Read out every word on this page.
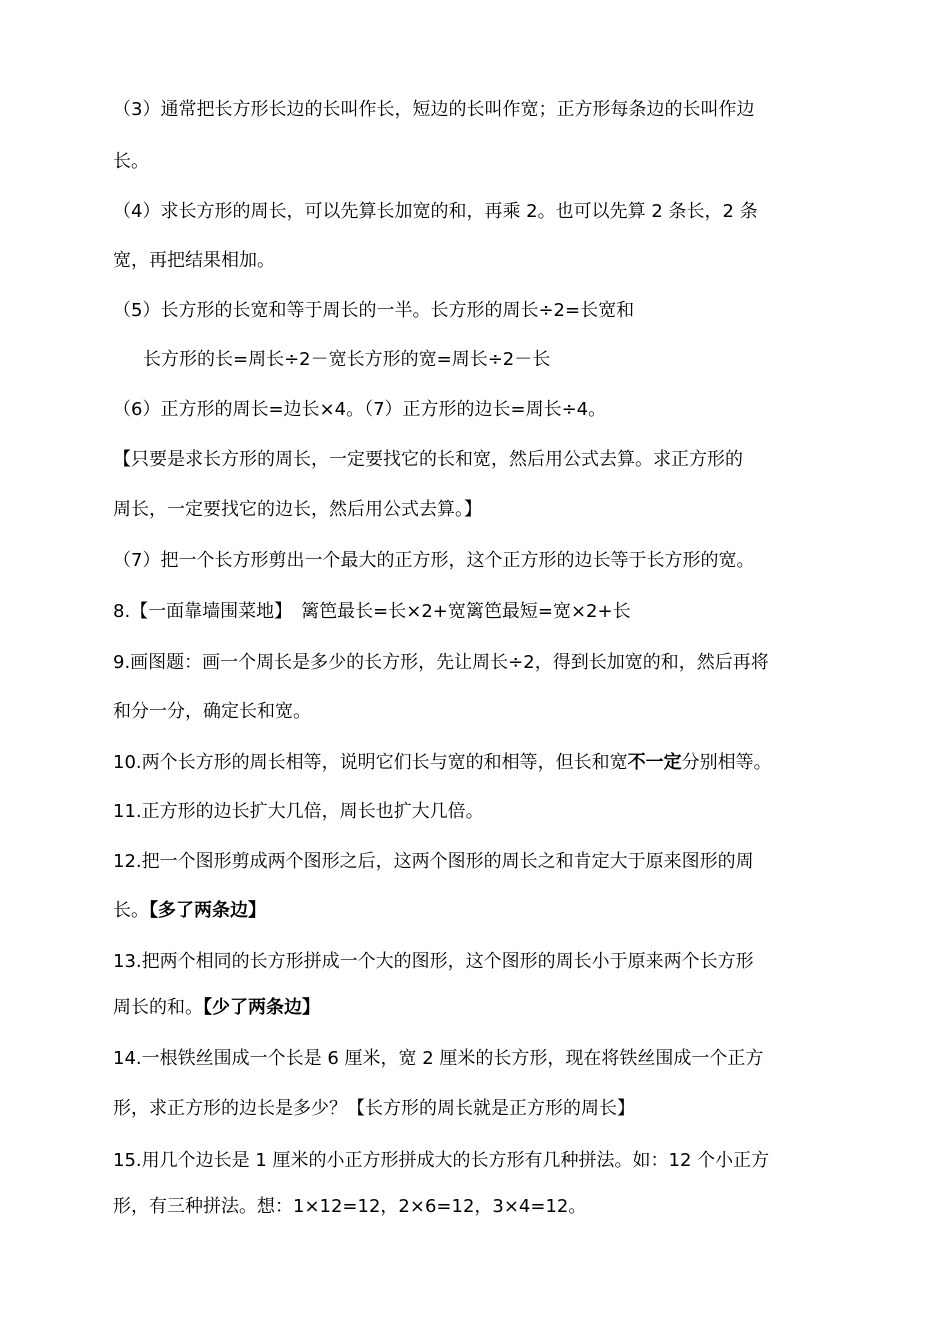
（3）通常把长方形长边的长叫作长，短边的长叫作宽；正方形每条边的长叫作边
长。
（4）求长方形的周长，可以先算长加宽的和，再乘 2。也可以先算 2 条长，2 条
宽，再把结果相加。
（5）长方形的长宽和等于周长的一半。长方形的周长÷2=长宽和
长方形的长=周长÷2－宽长方形的宽=周长÷2－长
（6）正方形的周长=边长×4。（7）正方形的边长=周长÷4。
【只要是求长方形的周长，一定要找它的长和宽，然后用公式去算。求正方形的
周长，一定要找它的边长，然后用公式去算。】
（7）把一个长方形剪出一个最大的正方形，这个正方形的边长等于长方形的宽。
8.【一面靠墙围菜地】　篱笆最长=长×2+宽篱笆最短=宽×2+长
9.画图题：画一个周长是多少的长方形，先让周长÷2，得到长加宽的和，然后再将
和分一分，确定长和宽。
10.两个长方形的周长相等，说明它们长与宽的和相等，但长和宽不一定分别相等。
11.正方形的边长扩大几倍，周长也扩大几倍。
12.把一个图形剪成两个图形之后，这两个图形的周长之和肯定大于原来图形的周
长。【多了两条边】
13.把两个相同的长方形拼成一个大的图形，这个图形的周长小于原来两个长方形
周长的和。【少了两条边】
14.一根铁丝围成一个长是 6 厘米，宽 2 厘米的长方形，现在将铁丝围成一个正方
形，求正方形的边长是多少？【长方形的周长就是正方形的周长】
15.用几个边长是 1 厘米的小正方形拼成大的长方形有几种拼法。如：12 个小正方
形，有三种拼法。想：1×12=12，2×6=12，3×4=12。
